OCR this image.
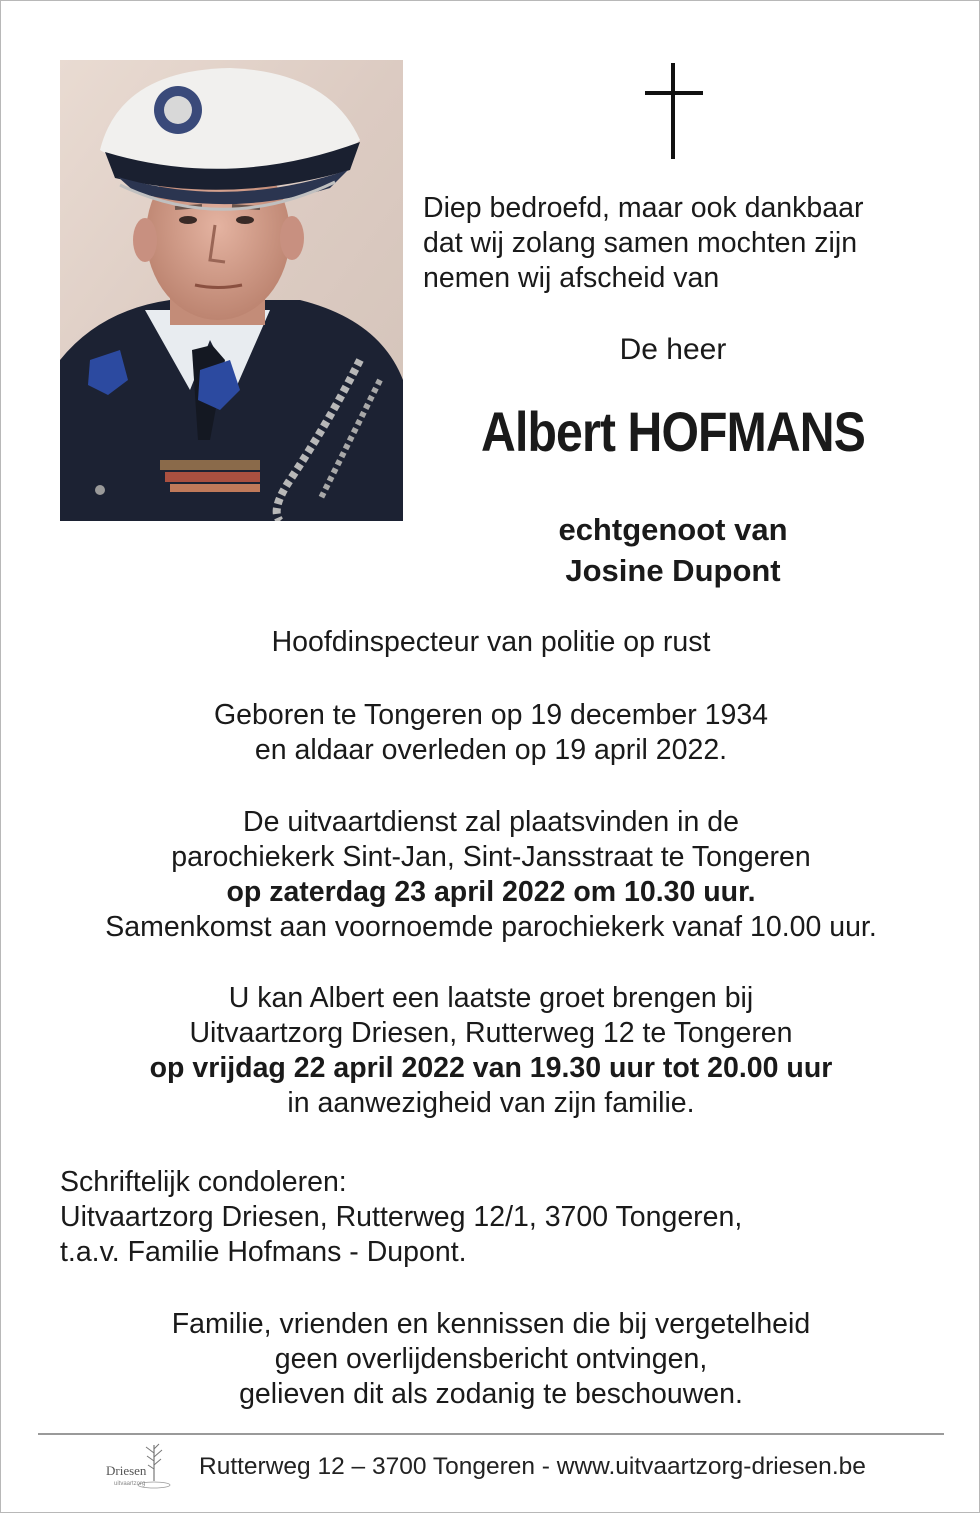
Diep bedroefd, maar ook dankbaar
dat wij zolang samen mochten zijn
nemen wij afscheid van
De heer
Albert HOFMANS
echtgenoot van
Josine Dupont
Hoofdinspecteur van politie op rust
Geboren te Tongeren op 19 december 1934
en aldaar overleden op 19 april 2022.
De uitvaartdienst zal plaatsvinden in de
parochiekerk Sint-Jan, Sint-Jansstraat te Tongeren
op zaterdag 23 april 2022 om 10.30 uur.
Samenkomst aan voornoemde parochiekerk vanaf 10.00 uur.
U kan Albert een laatste groet brengen bij
Uitvaartzorg Driesen, Rutterweg 12 te Tongeren
op vrijdag 22 april 2022 van 19.30 uur tot 20.00 uur
in aanwezigheid van zijn familie.
Schriftelijk condoleren:
Uitvaartzorg Driesen, Rutterweg 12/1, 3700 Tongeren,
t.a.v. Familie Hofmans - Dupont.
Familie, vrienden en kennissen die bij vergetelheid
geen overlijdensbericht ontvingen,
gelieven dit als zodanig te beschouwen.
Driesen
uitvaartzorg
Rutterweg 12 – 3700 Tongeren - www.uitvaartzorg-driesen.be
